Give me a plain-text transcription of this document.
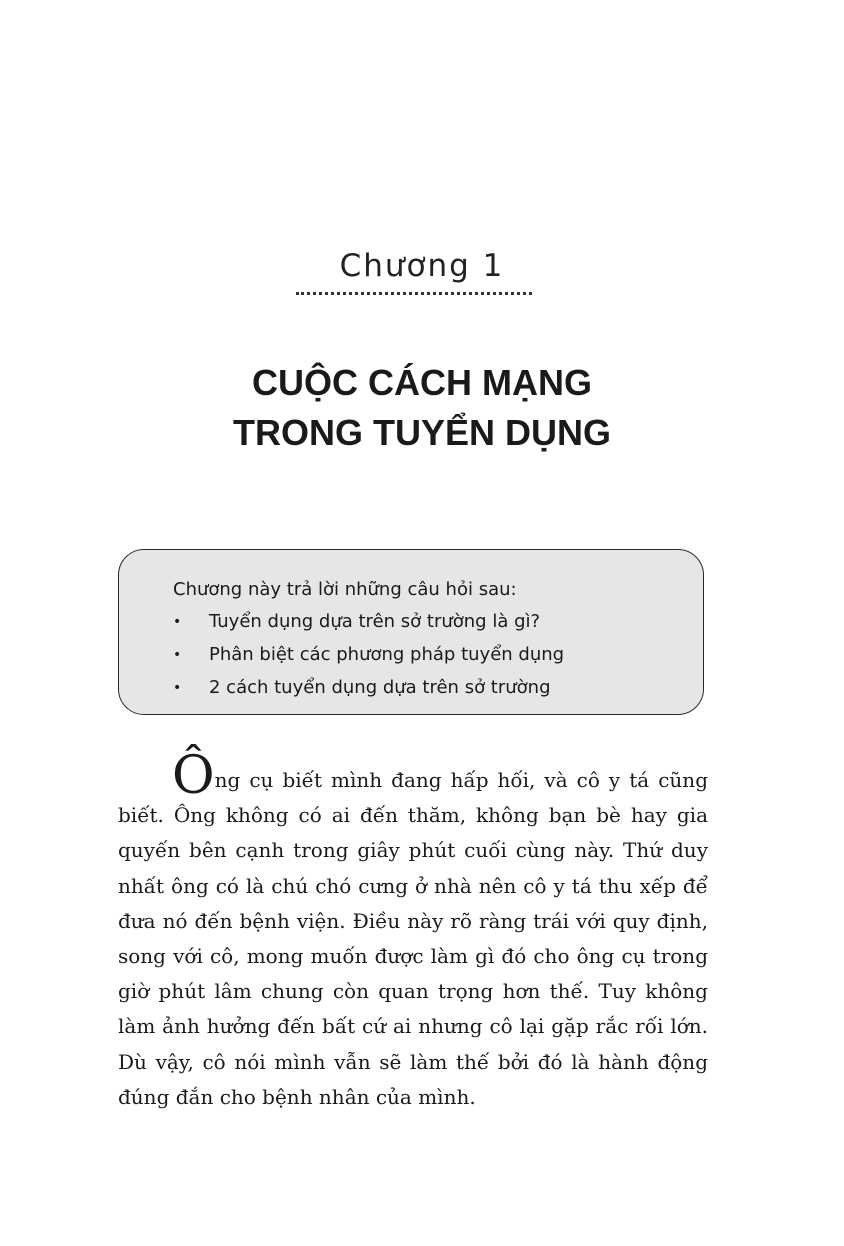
Chương 1
CUỘC CÁCH MẠNG
TRONG TUYỂN DỤNG
Chương này trả lời những câu hỏi sau:
• Tuyển dụng dựa trên sở trường là gì?
• Phân biệt các phương pháp tuyển dụng
• 2 cách tuyển dụng dựa trên sở trường

Ông cụ biết mình đang hấp hối, và cô y tá cũng biết. Ông không có ai đến thăm, không bạn bè hay gia quyến bên cạnh trong giây phút cuối cùng này. Thứ duy nhất ông có là chú chó cưng ở nhà nên cô y tá thu xếp để đưa nó đến bệnh viện. Điều này rõ ràng trái với quy định, song với cô, mong muốn được làm gì đó cho ông cụ trong giờ phút lâm chung còn quan trọng hơn thế. Tuy không làm ảnh hưởng đến bất cứ ai nhưng cô lại gặp rắc rối lớn. Dù vậy, cô nói mình vẫn sẽ làm thế bởi đó là hành động đúng đắn cho bệnh nhân của mình.
